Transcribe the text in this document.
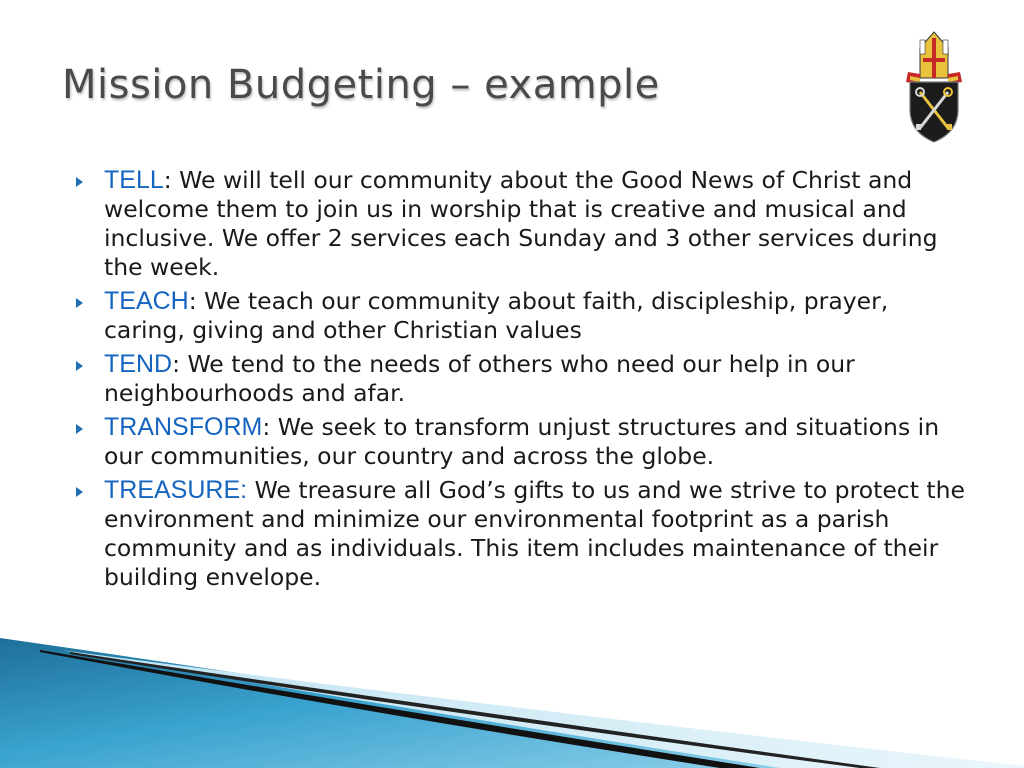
Mission Budgeting – example
TELL: We will tell our community about the Good News of Christ and welcome them to join us in worship that is creative and musical and inclusive. We offer 2 services each Sunday and 3 other services during the week.
TEACH: We teach our community about faith, discipleship, prayer, caring, giving and other Christian values
TEND: We tend to the needs of others who need our help in our neighbourhoods and afar.
TRANSFORM: We seek to transform unjust structures and situations in our communities, our country and across the globe.
TREASURE: We treasure all God’s gifts to us and we strive to protect the environment and minimize our environmental footprint as a parish community and as individuals. This item includes maintenance of their building envelope.
